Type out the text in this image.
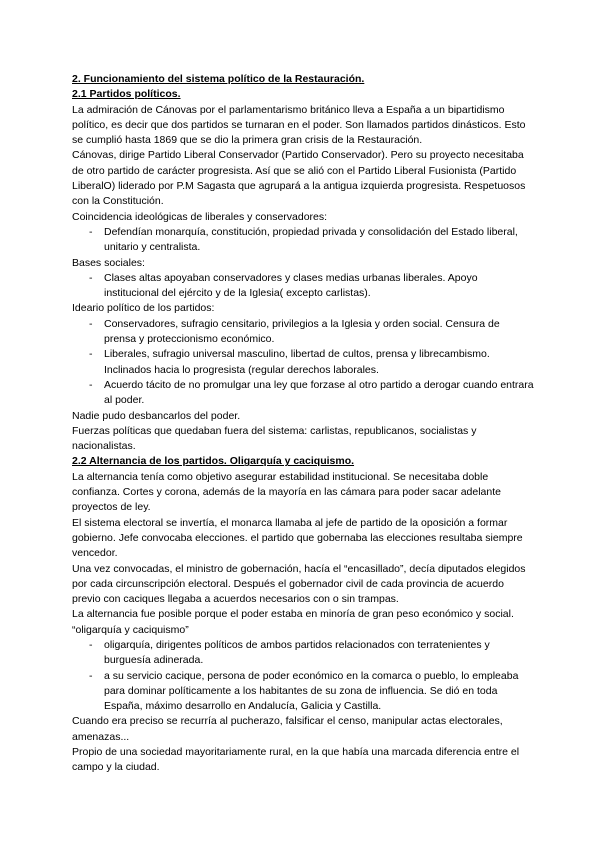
2. Funcionamiento del sistema político de la Restauración.

2.1 Partidos políticos.

La admiración de Cánovas por el parlamentarismo británico lleva a España a un bipartidismo político, es decir que dos partidos se turnaran en el poder. Son llamados partidos dinásticos. Esto se cumplió hasta 1869 que se dio la primera gran crisis de la Restauración.

Cánovas, dirige Partido Liberal Conservador (Partido Conservador). Pero su proyecto necesitaba de otro partido de carácter progresista. Así que se alió con el Partido Liberal Fusionista (Partido LiberalO) liderado por P.M Sagasta que agrupará a la antigua izquierda progresista. Respetuosos con la Constitución.

Coincidencia ideológicas de liberales y conservadores:

- Defendían monarquía, constitución, propiedad privada y consolidación del Estado liberal, unitario y centralista.

Bases sociales:

- Clases altas apoyaban conservadores y clases medias urbanas liberales. Apoyo institucional del ejército y de la Iglesia( excepto carlistas).

Ideario político de los partidos:

- Conservadores, sufragio censitario, privilegios a la Iglesia y orden social. Censura de prensa y proteccionismo económico.
- Liberales, sufragio universal masculino, libertad de cultos, prensa y librecambismo. Inclinados hacia lo progresista (regular derechos laborales.
- Acuerdo tácito de no promulgar una ley que forzase al otro partido a derogar cuando entrara al poder.

Nadie pudo desbancarlos del poder.

Fuerzas políticas que quedaban fuera del sistema: carlistas, republicanos, socialistas y nacionalistas.

2.2 Alternancia de los partidos. Oligarquía y caciquismo.

La alternancia tenía como objetivo asegurar estabilidad institucional. Se necesitaba doble confianza. Cortes y corona, además de la mayoría en las cámara para poder sacar adelante proyectos de ley.

El sistema electoral se invertía, el monarca llamaba al jefe de partido de la oposición a formar gobierno. Jefe convocaba elecciones. el partido que gobernaba las elecciones resultaba siempre vencedor.

Una vez convocadas, el ministro de gobernación, hacía el “encasillado”, decía diputados elegidos por cada circunscripción electoral. Después el gobernador civil de cada provincia de acuerdo previo con caciques llegaba a acuerdos necesarios con o sin trampas.

La alternancia fue posible porque el poder estaba en minoría de gran peso económico y social. “oligarquía y caciquismo”

- oligarquía, dirigentes políticos de ambos partidos relacionados con terratenientes y burguesía adinerada.
- a su servicio cacique, persona de poder económico en la comarca o pueblo, lo empleaba para dominar políticamente a los habitantes de su zona de influencia. Se dió en toda España, máximo desarrollo en Andalucía, Galicia y Castilla.

Cuando era preciso se recurría al pucherazo, falsificar el censo, manipular actas electorales, amenazas...

Propio de una sociedad mayoritariamente rural, en la que había una marcada diferencia entre el campo y la ciudad.
